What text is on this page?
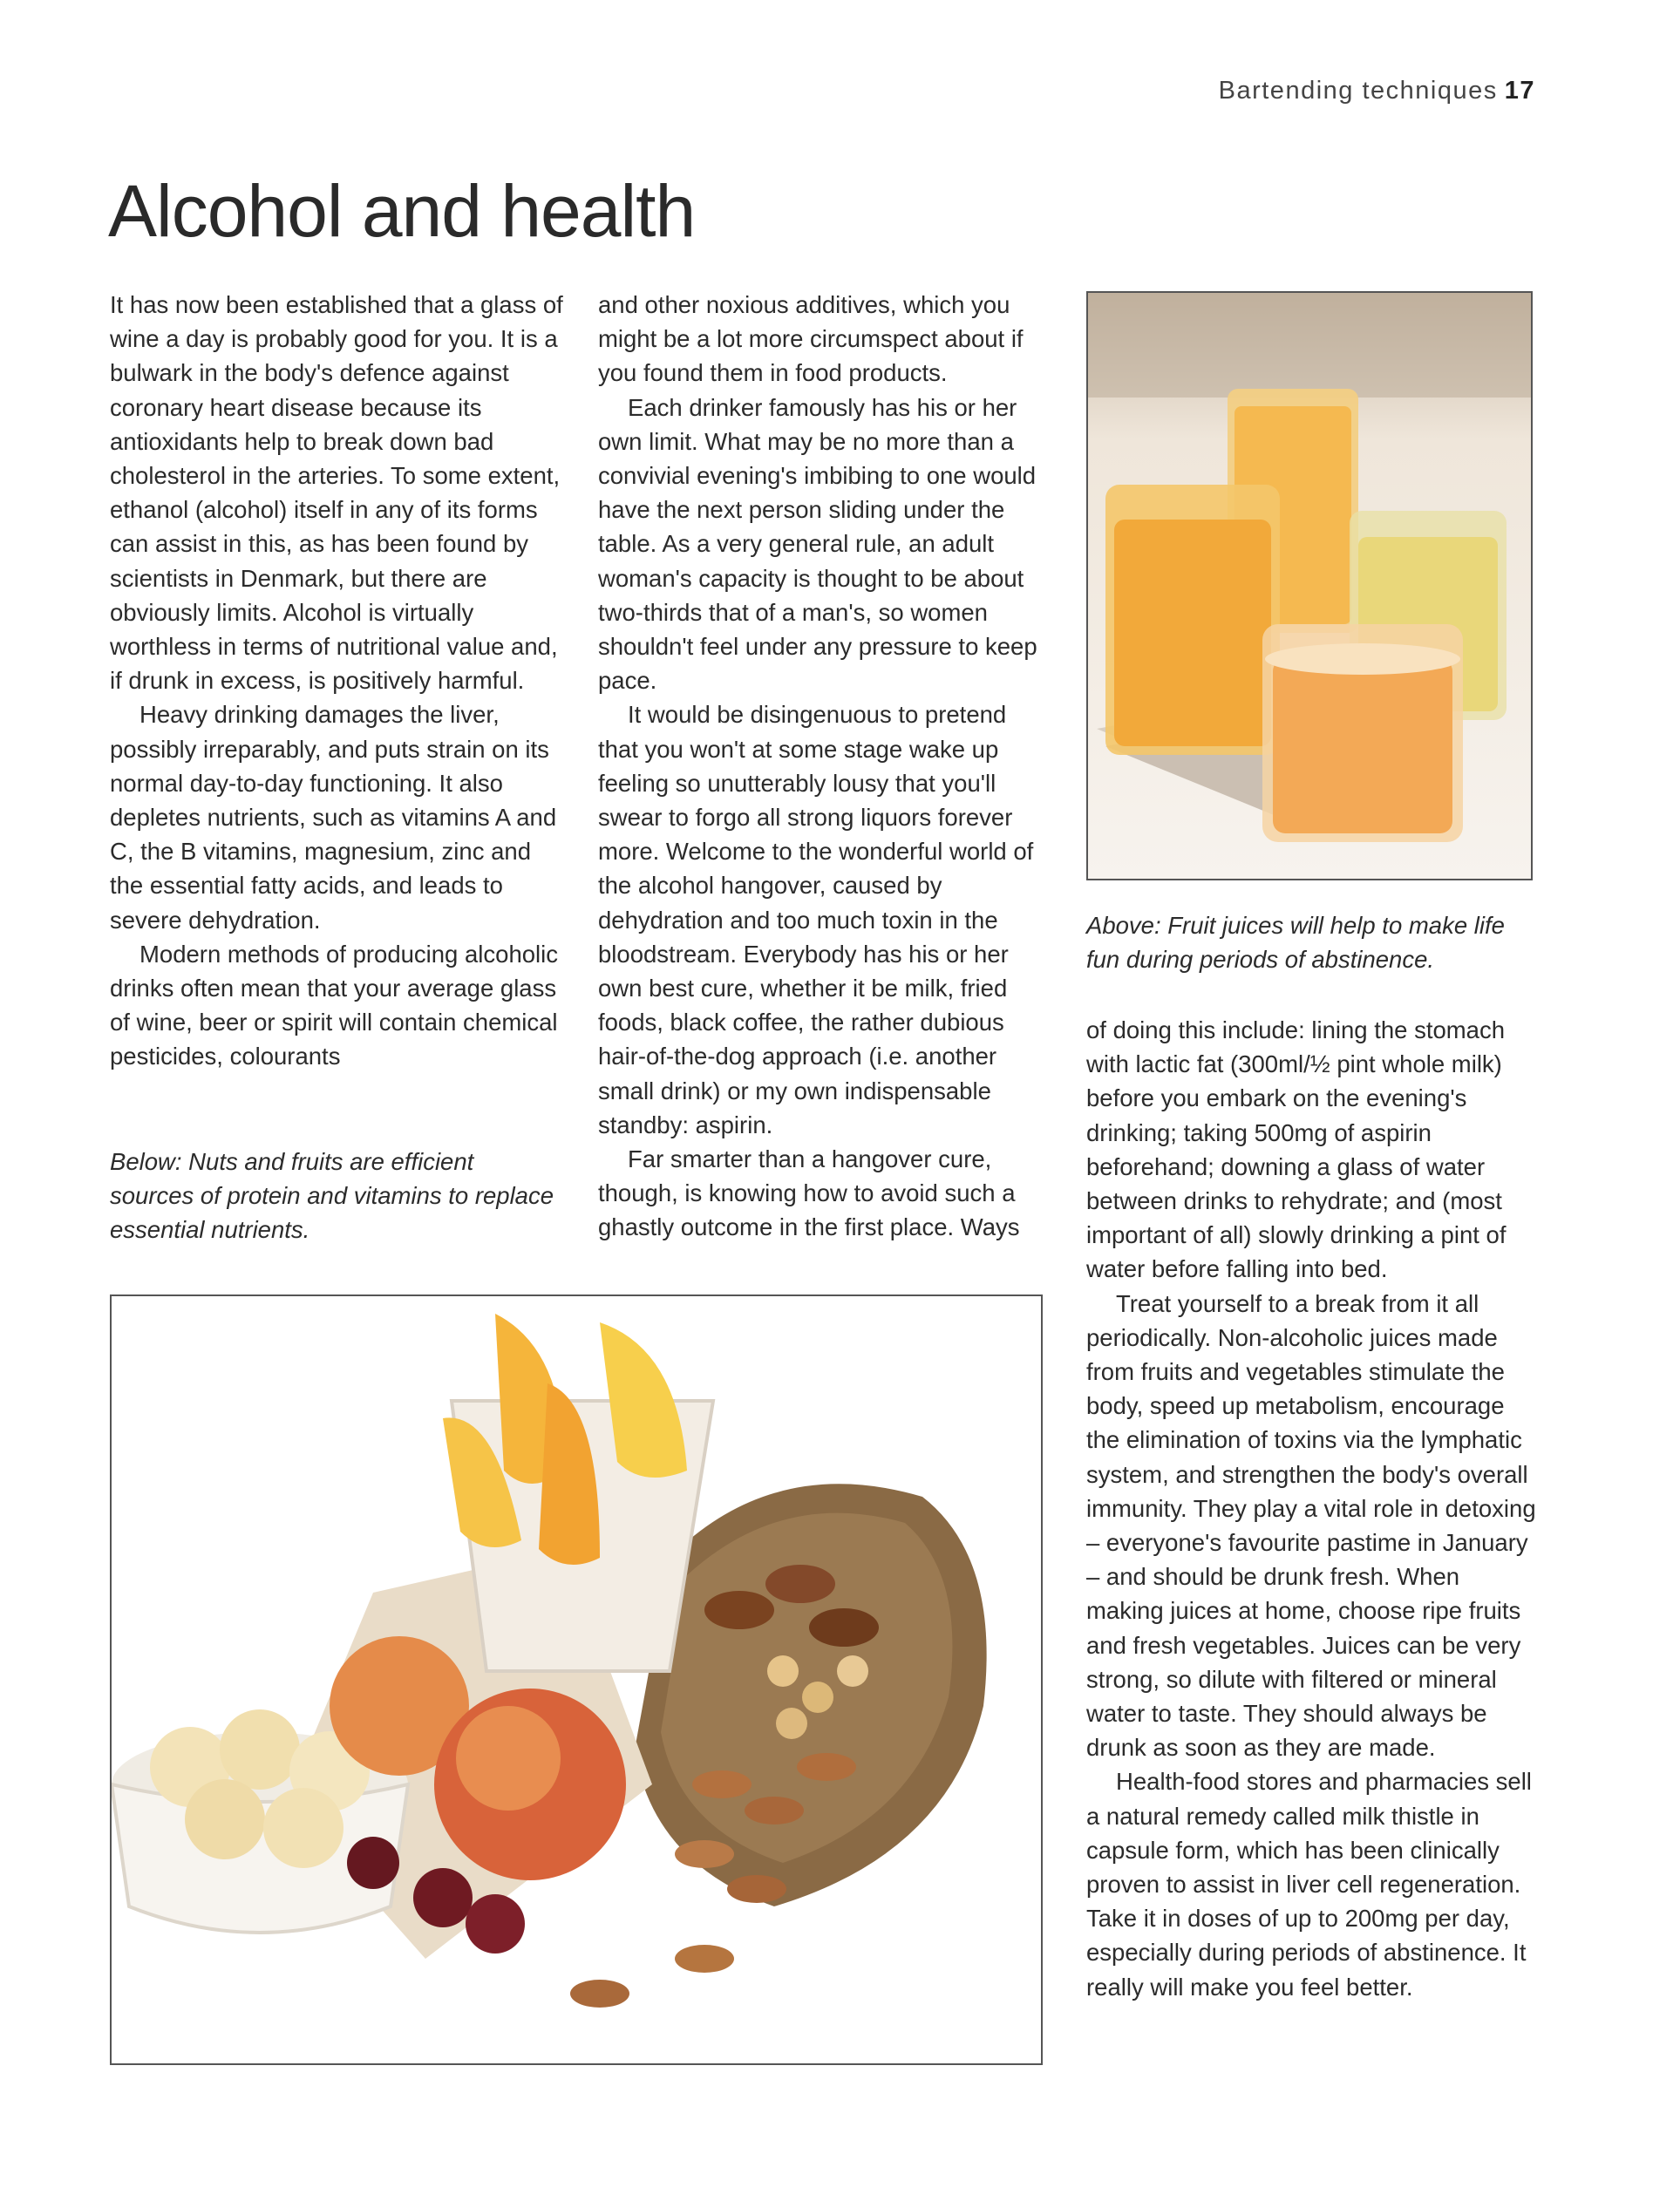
Bartending techniques 17
Alcohol and health

It has now been established that a glass of wine a day is probably good for you. It is a bulwark in the body's defence against coronary heart disease because its antioxidants help to break down bad cholesterol in the arteries. To some extent, ethanol (alcohol) itself in any of its forms can assist in this, as has been found by scientists in Denmark, but there are obviously limits. Alcohol is virtually worthless in terms of nutritional value and, if drunk in excess, is positively harmful.

Heavy drinking damages the liver, possibly irreparably, and puts strain on its normal day-to-day functioning. It also depletes nutrients, such as vitamins A and C, the B vitamins, magnesium, zinc and the essential fatty acids, and leads to severe dehydration.

Modern methods of producing alcoholic drinks often mean that your average glass of wine, beer or spirit will contain chemical pesticides, colourants

Below: Nuts and fruits are efficient sources of protein and vitamins to replace essential nutrients.

and other noxious additives, which you might be a lot more circumspect about if you found them in food products.

Each drinker famously has his or her own limit. What may be no more than a convivial evening's imbibing to one would have the next person sliding under the table. As a very general rule, an adult woman's capacity is thought to be about two-thirds that of a man's, so women shouldn't feel under any pressure to keep pace.

It would be disingenuous to pretend that you won't at some stage wake up feeling so unutterably lousy that you'll swear to forgo all strong liquors forever more. Welcome to the wonderful world of the alcohol hangover, caused by dehydration and too much toxin in the bloodstream. Everybody has his or her own best cure, whether it be milk, fried foods, black coffee, the rather dubious hair-of-the-dog approach (i.e. another small drink) or my own indispensable standby: aspirin.

Far smarter than a hangover cure, though, is knowing how to avoid such a ghastly outcome in the first place. Ways

Above: Fruit juices will help to make life fun during periods of abstinence.

of doing this include: lining the stomach with lactic fat (300ml/½ pint whole milk) before you embark on the evening's drinking; taking 500mg of aspirin beforehand; downing a glass of water between drinks to rehydrate; and (most important of all) slowly drinking a pint of water before falling into bed.

Treat yourself to a break from it all periodically. Non-alcoholic juices made from fruits and vegetables stimulate the body, speed up metabolism, encourage the elimination of toxins via the lymphatic system, and strengthen the body's overall immunity. They play a vital role in detoxing – everyone's favourite pastime in January – and should be drunk fresh. When making juices at home, choose ripe fruits and fresh vegetables. Juices can be very strong, so dilute with filtered or mineral water to taste. They should always be drunk as soon as they are made.

Health-food stores and pharmacies sell a natural remedy called milk thistle in capsule form, which has been clinically proven to assist in liver cell regeneration. Take it in doses of up to 200mg per day, especially during periods of abstinence. It really will make you feel better.
